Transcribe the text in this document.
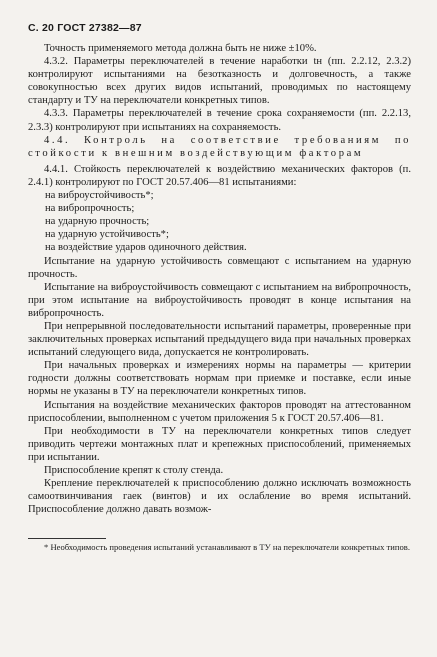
С. 20 ГОСТ 27382—87

Точность применяемого метода должна быть не ниже ±10%.

4.3.2. Параметры переключателей в течение наработки tн (пп. 2.2.12, 2.3.2) контролируют испытаниями на безотказность и долговечность, а также совокупностью всех других видов испытаний, проводимых по настоящему стандарту и ТУ на переключатели конкретных типов.

4.3.3. Параметры переключателей в течение срока сохраняемости (пп. 2.2.13, 2.3.3) контролируют при испытаниях на сохраняемость.

4.4. Контроль на соответствие требованиям по стойкости к внешним воздействующим факторам

4.4.1. Стойкость переключателей к воздействию механических факторов (п. 2.4.1) контролируют по ГОСТ 20.57.406—81 испытаниями:

на виброустойчивость*;

на вибропрочность;

на ударную прочность;

на ударную устойчивость*;

на воздействие ударов одиночного действия.

Испытание на ударную устойчивость совмещают с испытанием на ударную прочность.

Испытание на виброустойчивость совмещают с испытанием на вибропрочность, при этом испытание на виброустойчивость проводят в конце испытания на вибропрочность.

При непрерывной последовательности испытаний параметры, проверенные при заключительных проверках испытаний предыдущего вида при начальных проверках испытаний следующего вида, допускается не контролировать.

При начальных проверках и измерениях нормы на параметры — критерии годности должны соответствовать нормам при приемке и поставке, если иные нормы не указаны в ТУ на переключатели конкретных типов.

Испытания на воздействие механических факторов проводят на аттестованном приспособлении, выполненном с учетом приложения 5 к ГОСТ 20.57.406—81.

При необходимости в ТУ на переключатели конкретных типов следует приводить чертежи монтажных плат и крепежных приспособлений, применяемых при испытании.

Приспособление крепят к столу стенда.

Крепление переключателей к приспособлению должно исключать возможность самоотвинчивания гаек (винтов) и их ослабление во время испытаний. Приспособление должно давать возмож-

* Необходимость проведения испытаний устанавливают в ТУ на переключатели конкретных типов.
